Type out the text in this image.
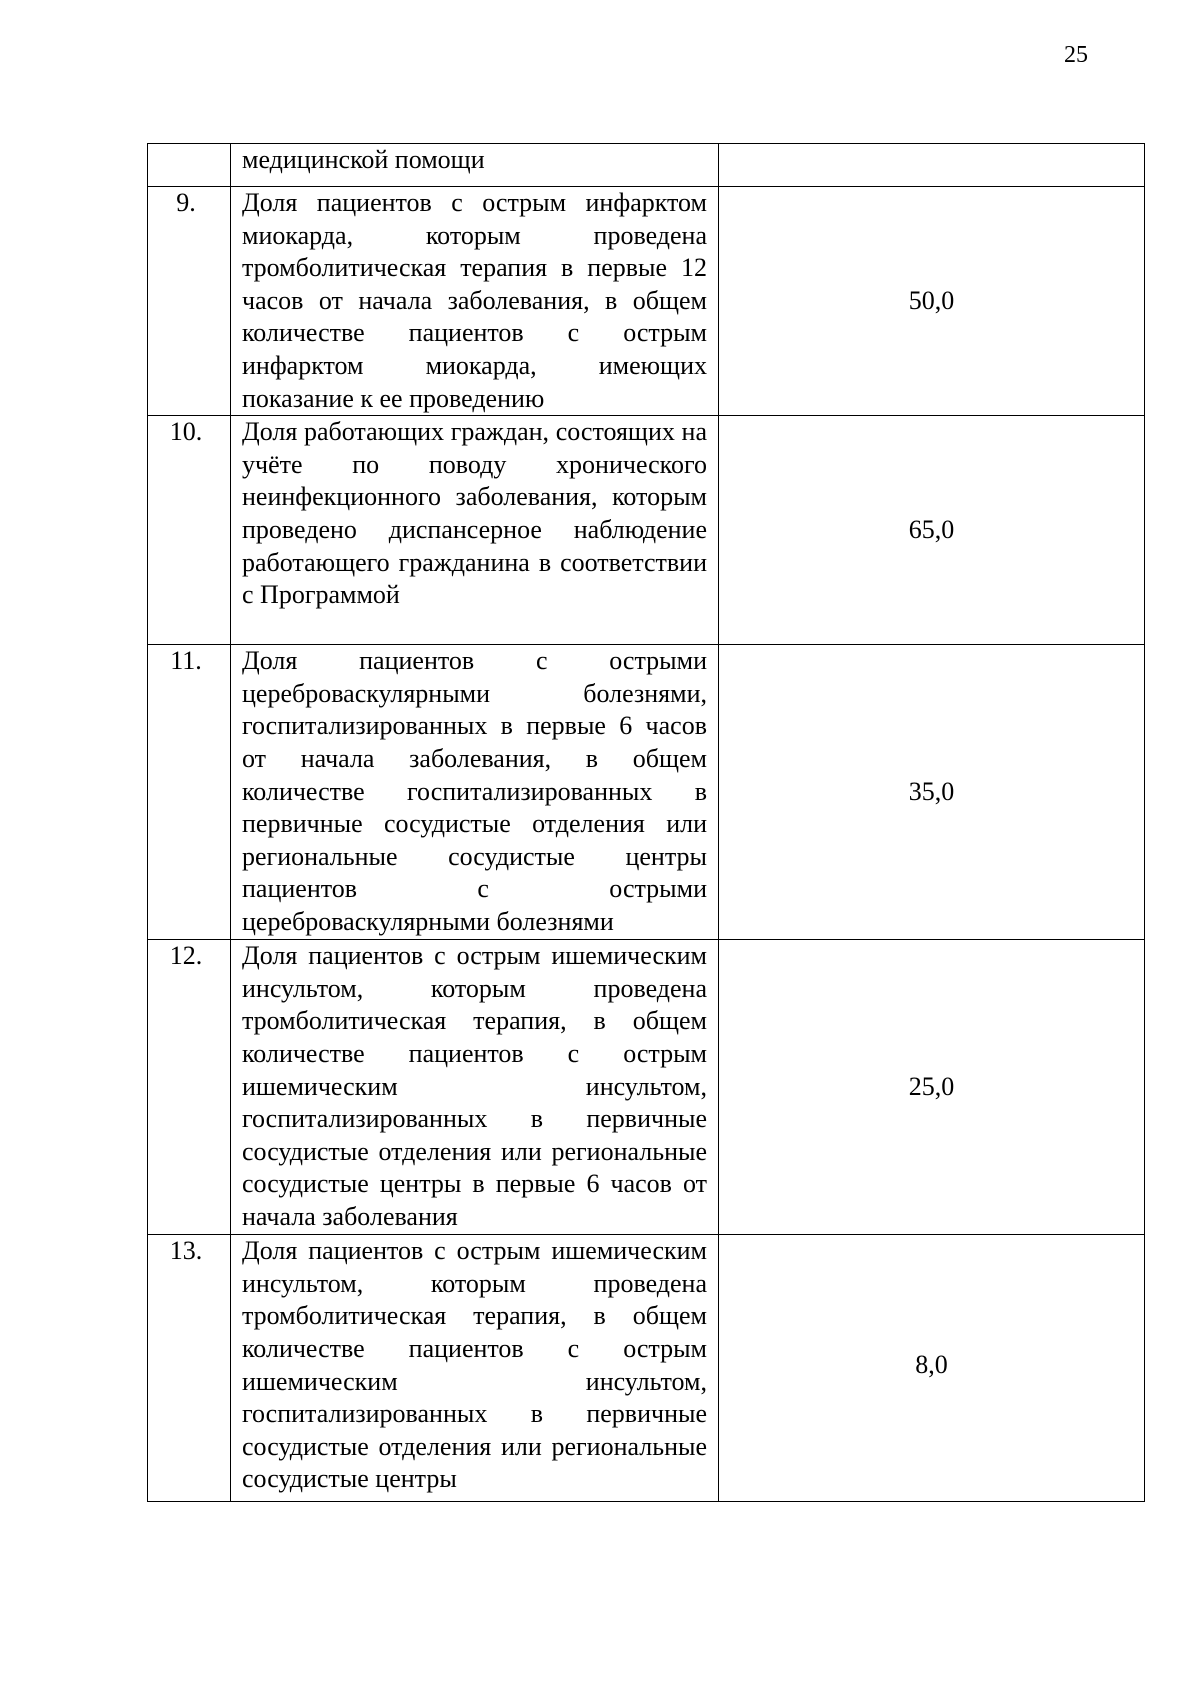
25
	медицинской помощи	
9.	Доля пациентов с острым инфарктом миокарда, которым проведена тромболитическая терапия в первые 12 часов от начала заболевания, в общем количестве пациентов с острым инфарктом миокарда, имеющих показание к ее проведению	50,0
10.	Доля работающих граждан, состоящих на учёте по поводу хронического неинфекционного заболевания, которым проведено диспансерное наблюдение работающего гражданина в соответствии с Программой	65,0
11.	Доля пациентов с острыми цереброваскулярными болезнями, госпитализированных в первые 6 часов от начала заболевания, в общем количестве госпитализированных в первичные сосудистые отделения или региональные сосудистые центры пациентов с острыми цереброваскулярными болезнями	35,0
12.	Доля пациентов с острым ишемическим инсультом, которым проведена тромболитическая терапия, в общем количестве пациентов с острым ишемическим инсультом, госпитализированных в первичные сосудистые отделения или региональные сосудистые центры в первые 6 часов от начала заболевания	25,0
13.	Доля пациентов с острым ишемическим инсультом, которым проведена тромболитическая терапия, в общем количестве пациентов с острым ишемическим инсультом, госпитализированных в первичные сосудистые отделения или региональные сосудистые центры	8,0
